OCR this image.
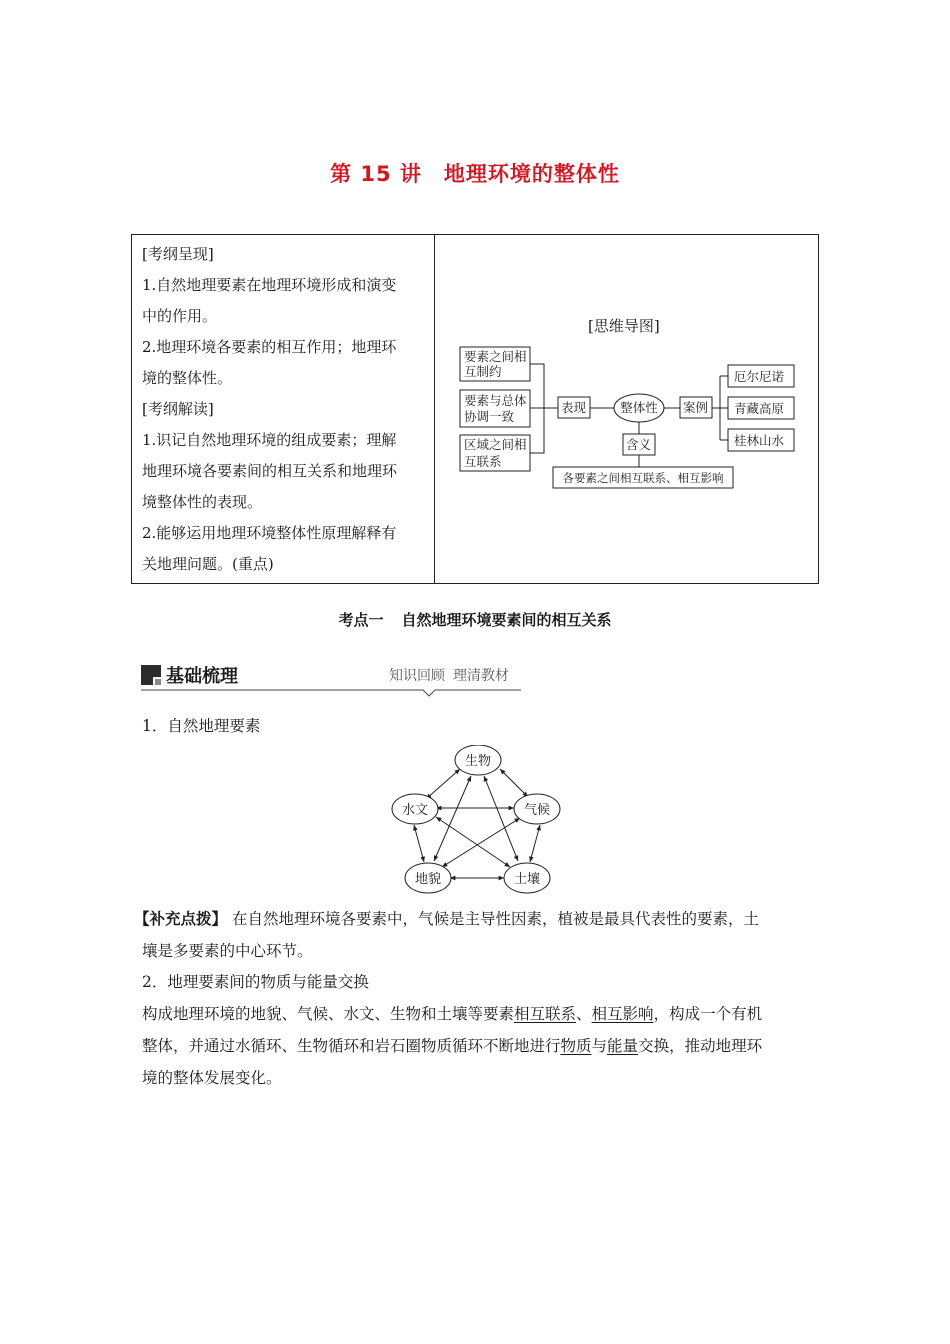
第 15 讲 地理环境的整体性
[考纲呈现]
1.自然地理要素在地理环境形成和演变
中的作用。
2.地理环境各要素的相互作用；地理环
境的整体性。
[考纲解读]
1.识记自然地理环境的组成要素；理解
地理环境各要素间的相互关系和地理环
境整体性的表现。
2.能够运用地理环境整体性原理解释有
关地理问题。(重点)
[思维导图]
要素之间相
互制约
要素与总体
协调一致
区域之间相
互联系
表现	整体性 案例
厄尔尼诺
青藏高原
桂林山水
含义
各要素之间相互联系、相互影响
考点一 自然地理环境要素间的相互关系
基础梳理	知识回顾 理清教材
1．自然地理要素
生物
水文	气候
地貌	土壤
【补充点拨】 在自然地理环境各要素中，气候是主导性因素，植被是最具代表性的要素，土
壤是多要素的中心环节。
2．地理要素间的物质与能量交换
构成地理环境的地貌、气候、水文、生物和土壤等要素相互联系、相互影响，构成一个有机
整体，并通过水循环、生物循环和岩石圈物质循环不断地进行物质与能量交换，推动地理环
境的整体发展变化。
